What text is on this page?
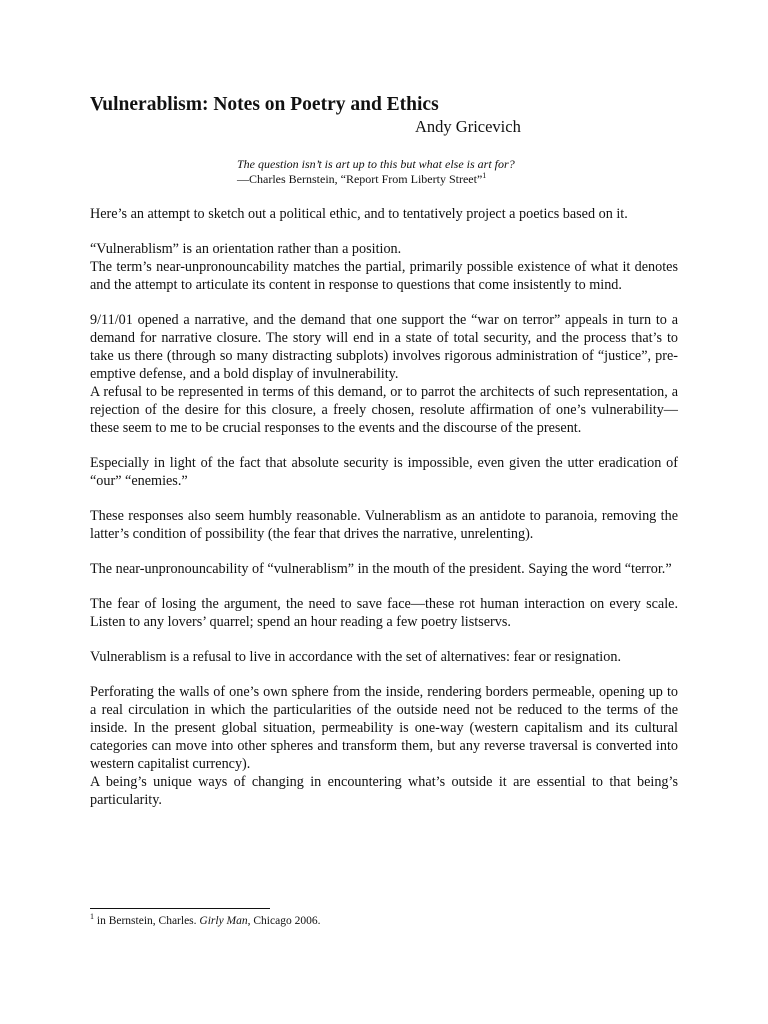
Vulnerablism: Notes on Poetry and Ethics
Andy Gricevich
The question isn’t is art up to this but what else is art for?
—Charles Bernstein, “Report From Liberty Street”$^1$

Here’s an attempt to sketch out a political ethic, and to tentatively project a poetics based on it.

“Vulnerablism” is an orientation rather than a position.

The term’s near-unpronouncability matches the partial, primarily possible existence of what it denotes and the attempt to articulate its content in response to questions that come insistently to mind.

9/11/01 opened a narrative, and the demand that one support the “war on terror” appeals in turn to a demand for narrative closure. The story will end in a state of total security, and the process that’s to take us there (through so many distracting subplots) involves rigorous administration of “justice”, pre-emptive defense, and a bold display of invulnerability.

A refusal to be represented in terms of this demand, or to parrot the architects of such representation, a rejection of the desire for this closure, a freely chosen, resolute affirmation of one’s vulnerability—these seem to me to be crucial responses to the events and the discourse of the present.

Especially in light of the fact that absolute security is impossible, even given the utter eradication of “our” “enemies.”

These responses also seem humbly reasonable. Vulnerablism as an antidote to paranoia, removing the latter’s condition of possibility (the fear that drives the narrative, unrelenting).

The near-unpronouncability of “vulnerablism” in the mouth of the president. Saying the word “terror.”

The fear of losing the argument, the need to save face—these rot human interaction on every scale. Listen to any lovers’ quarrel; spend an hour reading a few poetry listservs.

Vulnerablism is a refusal to live in accordance with the set of alternatives: fear or resignation.

Perforating the walls of one’s own sphere from the inside, rendering borders permeable, opening up to a real circulation in which the particularities of the outside need not be reduced to the terms of the inside. In the present global situation, permeability is one-way (western capitalism and its cultural categories can move into other spheres and transform them, but any reverse traversal is converted into western capitalist currency).

A being’s unique ways of changing in encountering what’s outside it are essential to that being’s particularity.

$^1$ in Bernstein, Charles. Girly Man, Chicago 2006.
